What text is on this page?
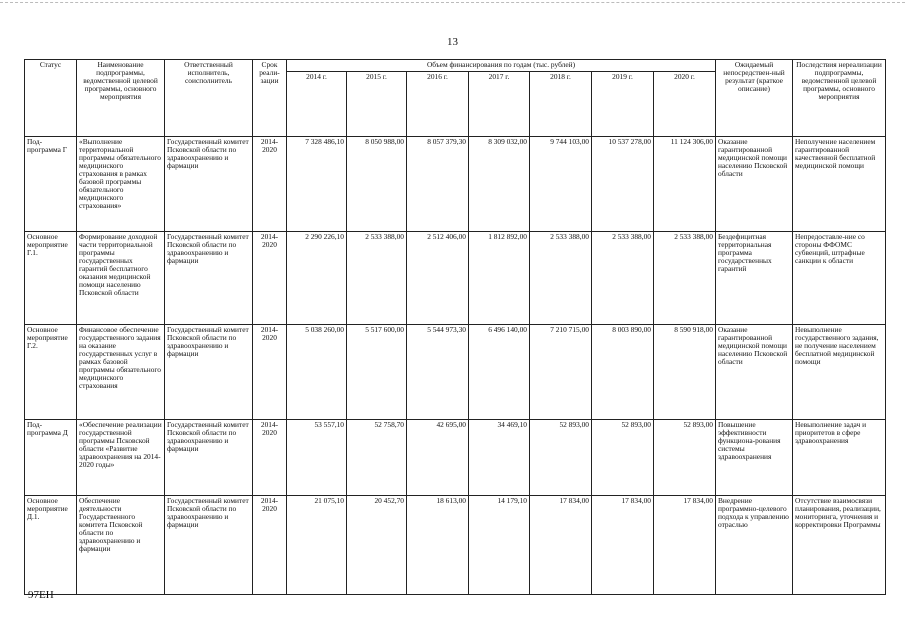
13
Статус	Наименование подпрограммы, ведомственной целевой программы, основного мероприятия	Ответственный исполнитель, соисполнитель	Срок реали-зации	Объем финансирования по годам (тыс. рублей)							Ожидаемый непосредствен-ный результат (краткое описание)	Последствия нереализации подпрограммы, ведомственной целевой программы, основного мероприятия
				2014 г.	2015 г.	2016 г.	2017 г.	2018 г.	2019 г.	2020 г.		
Под-программа Г	«Выполнение территориальной программы обязательного медицинского страхования в рамках базовой программы обязательного медицинского страхования»	Государственный комитет Псковской области по здравоохранению и фармации	2014-2020	7 328 486,10	8 050 988,00	8 057 379,30	8 309 032,00	9 744 103,00	10 537 278,00	11 124 306,00	Оказание гарантированной медицинской помощи населению Псковской области	Неполучение населением гарантированной качественной бесплатной медицинской помощи
Основное мероприятие Г.1.	Формирование доходной части территориальной программы государственных гарантий бесплатного оказания медицинской помощи населению Псковской области	Государственный комитет Псковской области по здравоохранению и фармации	2014-2020	2 290 226,10	2 533 388,00	2 512 406,00	1 812 892,00	2 533 388,00	2 533 388,00	2 533 388,00	Бездефицитная территориальная программа государственных гарантий	Непредоставле-ние со стороны ФФОМС субвенций, штрафные санкции к области
Основное мероприятие Г.2.	Финансовое обеспечение государственного задания на оказание государственных услуг в рамках базовой программы обязательного медицинского страхования	Государственный комитет Псковской области по здравоохранению и фармации	2014-2020	5 038 260,00	5 517 600,00	5 544 973,30	6 496 140,00	7 210 715,00	8 003 890,00	8 590 918,00	Оказание гарантированной медицинской помощи населению Псковской области	Невыполнение государственного задания, не получение населением бесплатной медицинской помощи
Под-программа Д	«Обеспечение реализации государственной программы Псковской области «Развитие здравоохранения на 2014-2020 годы»	Государственный комитет Псковской области по здравоохранению и фармации	2014-2020	53 557,10	52 758,70	42 695,00	34 469,10	52 893,00	52 893,00	52 893,00	Повышение эффективности функциона-рования системы здравоохранения	Невыполнение задач и приоритетов в сфере здравоохранения
Основное мероприятие Д.1.	Обеспечение деятельности Государственного комитета Псковской области по здравоохранению и фармации	Государственный комитет Псковской области по здравоохранению и фармации	2014-2020	21 075,10	20 452,70	18 613,00	14 179,10	17 834,00	17 834,00	17 834,00	Внедрение программно-целевого подхода к управлению отраслью	Отсутствие взаимосвязи планирования, реализации, мониторинга, уточнения и корректировки Программы
97EH
